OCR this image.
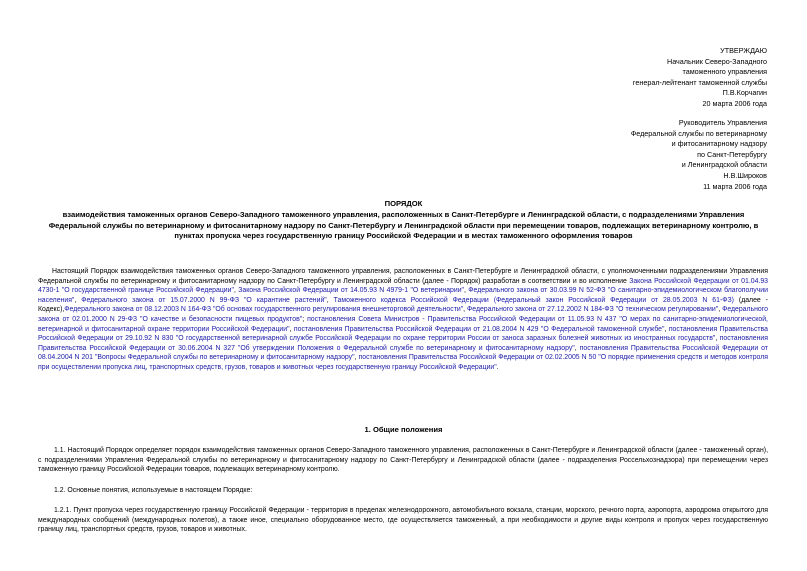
УТВЕРЖДАЮ
Начальник Северо-Западного
таможенного управления
генерал-лейтенант таможенной службы
П.В.Корчагин
20 марта 2006 года
Руководитель Управления
Федеральной службы по ветеринарному
и фитосанитарному надзору
по Санкт-Петербургу
и Ленинградской области
Н.В.Широков
11 марта 2006 года
ПОРЯДОК
взаимодействия таможенных органов Северо-Западного таможенного управления, расположенных в Санкт-Петербурге и Ленинградской области, с подразделениями Управления Федеральной службы по ветеринарному и фитосанитарному надзору по Санкт-Петербургу и Ленинградской области при перемещении товаров, подлежащих ветеринарному контролю, в пунктах пропуска через государственную границу Российской Федерации и в местах таможенного оформления товаров
Настоящий Порядок взаимодействия таможенных органов Северо-Западного таможенного управления, расположенных в Санкт-Петербурге и Ленинградской области, с уполномоченными подразделениями Управления Федеральной службы по ветеринарному и фитосанитарному надзору по Санкт-Петербургу и Ленинградской области (далее - Порядок) разработан в соответствии и во исполнение Закона Российской Федерации от 01.04.93 4730-1 "О государственной границе Российской Федерации", Закона Российской Федерации от 14.05.93 N 4979-1 "О ветеринарии", Федерального закона от 30.03.99 N 52-ФЗ "О санитарно-эпидемиологическом благополучии населения", Федерального закона от 15.07.2000 N 99-ФЗ "О карантине растений", Таможенного кодекса Российской Федерации (Федеральный закон Российской Федерации от 28.05.2003 N 61-ФЗ) (далее - Кодекс),Федерального закона от 08.12.2003 N 164-ФЗ "Об основах государственного регулирования внешнеторговой деятельности", Федерального закона от 27.12.2002 N 184-ФЗ "О техническом регулировании", Федерального закона от 02.01.2000 N 29-ФЗ "О качестве и безопасности пищевых продуктов"; постановления Совета Министров - Правительства Российской Федерации от 11.05.93 N 437 "О мерах по санитарно-эпидемиологической, ветеринарной и фитосанитарной охране территории Российской Федерации", постановления Правительства Российской Федерации от 21.08.2004 N 429 "О Федеральной таможенной службе", постановления Правительства Российской Федерации от 29.10.92 N 830 "О государственной ветеринарной службе Российской Федерации по охране территории России от заноса заразных болезней животных из иностранных государств", постановления Правительства Российской Федерации от 30.06.2004 N 327 "Об утверждении Положения о Федеральной службе по ветеринарному и фитосанитарному надзору", постановления Правительства Российской Федерации от 08.04.2004 N 201 "Вопросы Федеральной службы по ветеринарному и фитосанитарному надзору", постановления Правительства Российской Федерации от 02.02.2005 N 50 "О порядке применения средств и методов контроля при осуществлении пропуска лиц, транспортных средств, грузов, товаров и животных через государственную границу Российской Федерации".
1. Общие положения
1.1. Настоящий Порядок определяет порядок взаимодействия таможенных органов Северо-Западного таможенного управления, расположенных в Санкт-Петербурге и Ленинградской области (далее - таможенный орган), с подразделениями Управления Федеральной службы по ветеринарному и фитосанитарному надзору по Санкт-Петербургу и Ленинградской области (далее - подразделения Россельхознадзора) при перемещении через таможенную границу Российской Федерации товаров, подлежащих ветеринарному контролю.
1.2. Основные понятия, используемые в настоящем Порядке:
1.2.1. Пункт пропуска через государственную границу Российской Федерации - территория в пределах железнодорожного, автомобильного вокзала, станции, морского, речного порта, аэропорта, аэродрома открытого для международных сообщений (международных полетов), а также иное, специально оборудованное место, где осуществляется таможенный, а при необходимости и другие виды контроля и пропуск через государственную границу лиц, транспортных средств, грузов, товаров и животных.
